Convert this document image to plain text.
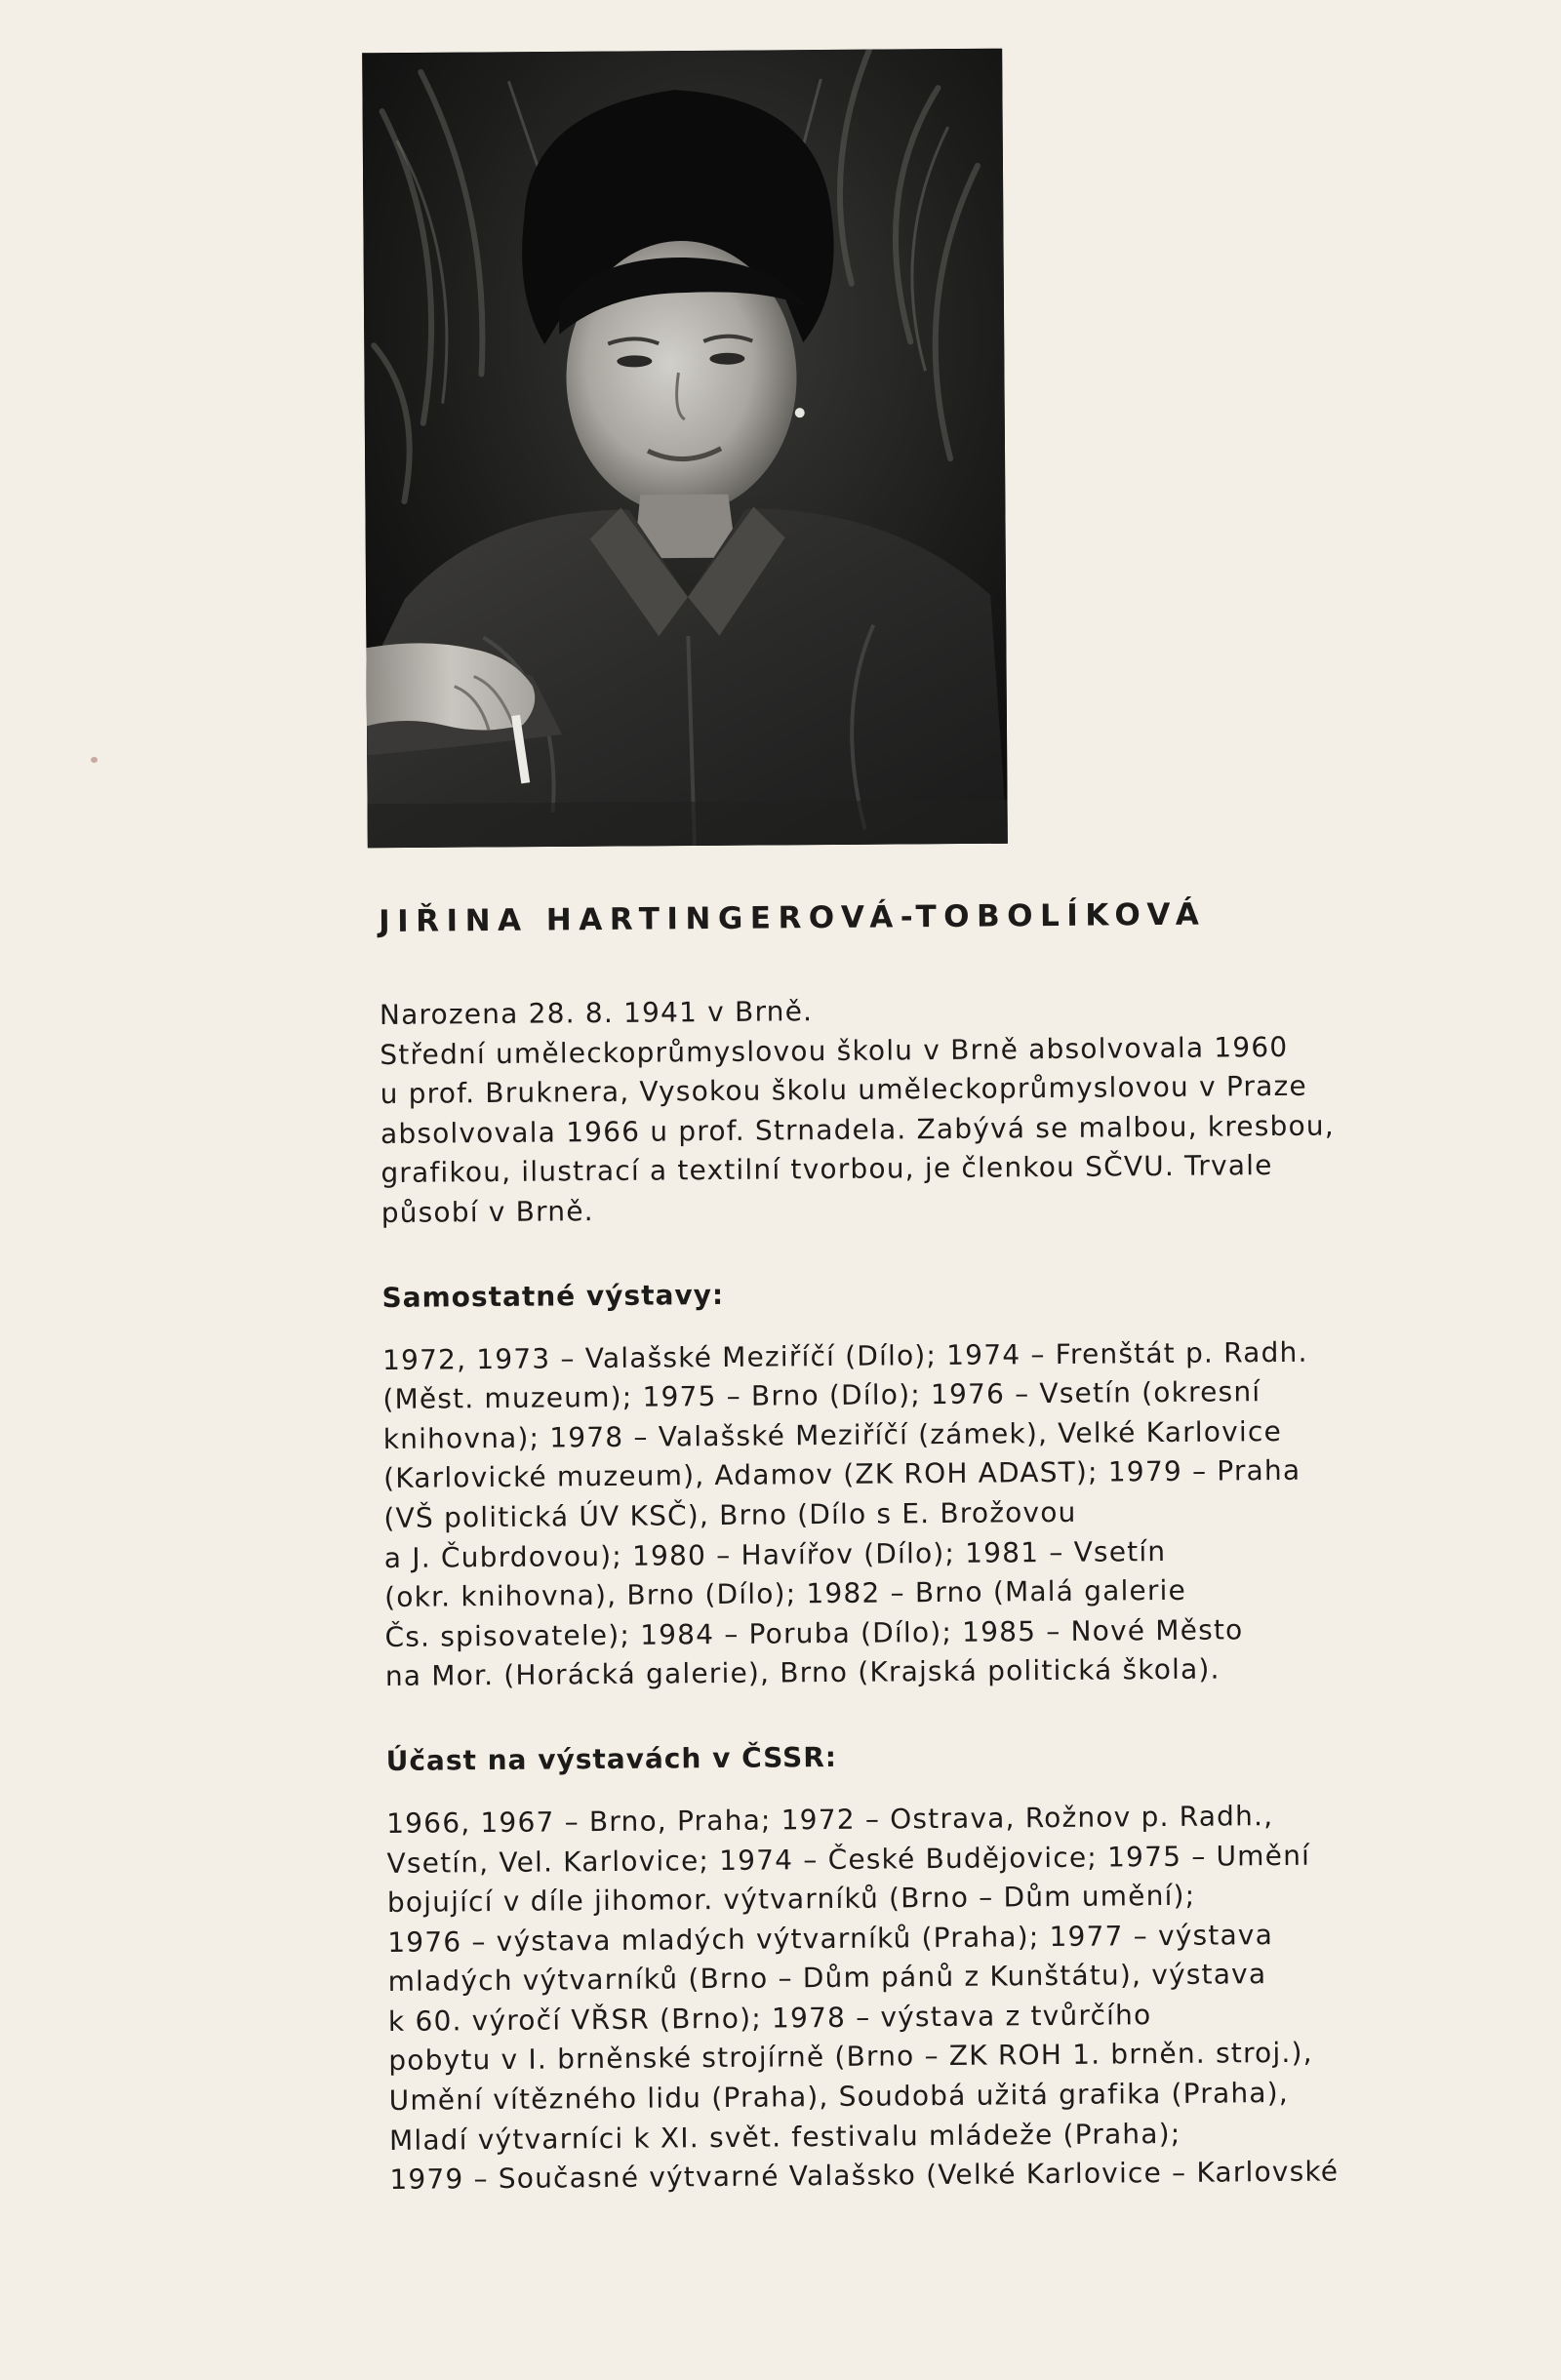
JIŘINA HARTINGEROVÁ-TOBOLÍKOVÁ
Narozena 28. 8. 1941 v Brně.
Střední uměleckoprůmyslovou školu v Brně absolvovala 1960
u prof. Bruknera, Vysokou školu uměleckoprůmyslovou v Praze
absolvovala 1966 u prof. Strnadela. Zabývá se malbou, kresbou,
grafikou, ilustrací a textilní tvorbou, je členkou SČVU. Trvale
působí v Brně.
Samostatné výstavy:
1972, 1973 – Valašské Meziříčí (Dílo); 1974 – Frenštát p. Radh.
(Měst. muzeum); 1975 – Brno (Dílo); 1976 – Vsetín (okresní
knihovna); 1978 – Valašské Meziříčí (zámek), Velké Karlovice
(Karlovické muzeum), Adamov (ZK ROH ADAST); 1979 – Praha
(VŠ politická ÚV KSČ), Brno (Dílo s E. Brožovou
a J. Čubrdovou); 1980 – Havířov (Dílo); 1981 – Vsetín
(okr. knihovna), Brno (Dílo); 1982 – Brno (Malá galerie
Čs. spisovatele); 1984 – Poruba (Dílo); 1985 – Nové Město
na Mor. (Horácká galerie), Brno (Krajská politická škola).
Účast na výstavách v ČSSR:
1966, 1967 – Brno, Praha; 1972 – Ostrava, Rožnov p. Radh.,
Vsetín, Vel. Karlovice; 1974 – České Budějovice; 1975 – Umění
bojující v díle jihomor. výtvarníků (Brno – Dům umění);
1976 – výstava mladých výtvarníků (Praha); 1977 – výstava
mladých výtvarníků (Brno – Dům pánů z Kunštátu), výstava
k 60. výročí VŘSR (Brno); 1978 – výstava z tvůrčího
pobytu v I. brněnské strojírně (Brno – ZK ROH 1. brněn. stroj.),
Umění vítězného lidu (Praha), Soudobá užitá grafika (Praha),
Mladí výtvarníci k XI. svět. festivalu mládeže (Praha);
1979 – Současné výtvarné Valašsko (Velké Karlovice – Karlovské
